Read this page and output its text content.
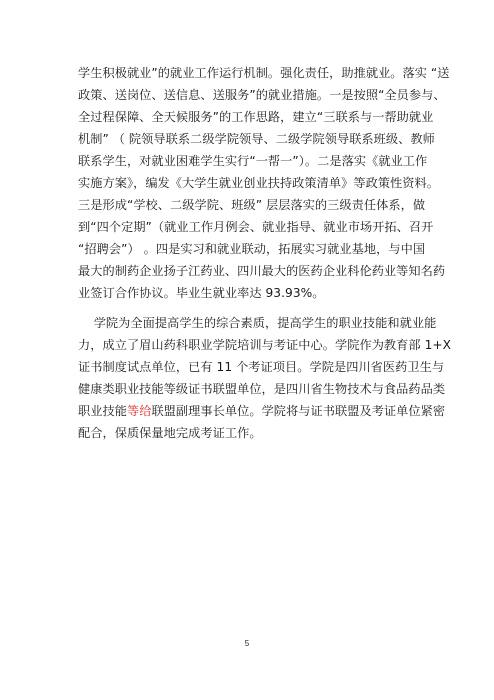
学生积极就业”的就业工作运行机制。强化责任，助推就业。落实 “送
政策、送岗位、送信息、送服务”的就业措施。一是按照“全员参与、
全过程保障、全天候服务”的工作思路，建立“三联系与一帮助就业
机制” （ 院领导联系二级学院领导、二级学院领导联系班级、教师
联系学生，对就业困难学生实行“一帮一”）。二是落实《就业工作
实施方案》，编发《大学生就业创业扶持政策清单》等政策性资料。
三是形成“学校、二级学院、班级” 层层落实的三级责任体系，做
到“四个定期”（就业工作月例会、就业指导、就业市场开拓、召开
“招聘会”） 。四是实习和就业联动，拓展实习就业基地，与中国
最大的制药企业扬子江药业、四川最大的医药企业科伦药业等知名药
业签订合作协议。毕业生就业率达 93.93%。
学院为全面提高学生的综合素质，提高学生的职业技能和就业能
力，成立了眉山药科职业学院培训与考证中心。学院作为教育部 1+X
证书制度试点单位，已有 11 个考证项目。学院是四川省医药卫生与
健康类职业技能等级证书联盟单位，是四川省生物技术与食品药品类
职业技能等给联盟副理事长单位。学院将与证书联盟及考证单位紧密
配合，保质保量地完成考证工作。
5
